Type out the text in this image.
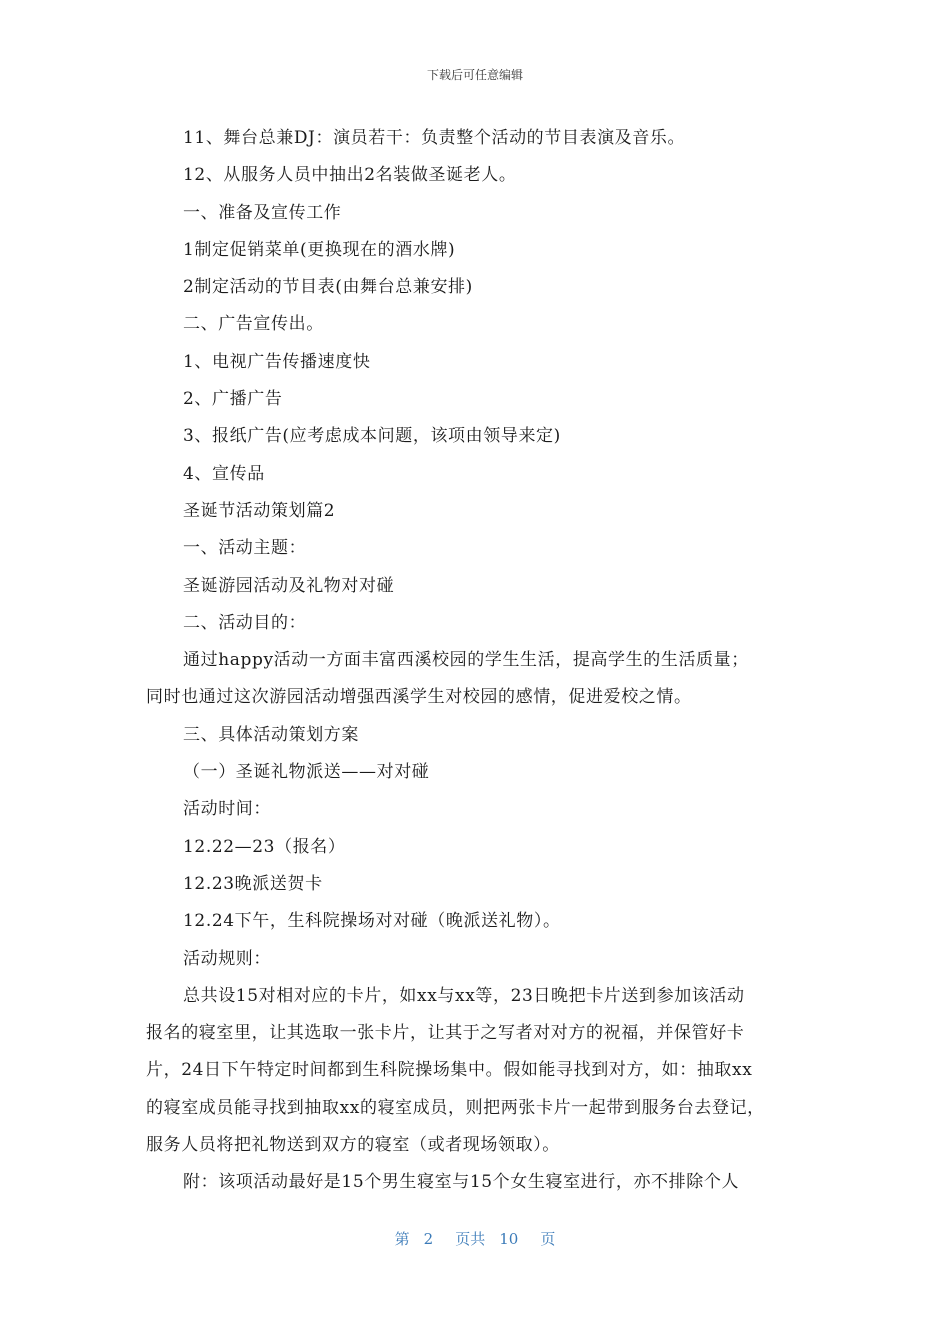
下载后可任意编辑
11、舞台总兼DJ：演员若干：负责整个活动的节目表演及音乐。
12、从服务人员中抽出2名装做圣诞老人。
一、准备及宣传工作
1制定促销菜单(更换现在的酒水牌)
2制定活动的节目表(由舞台总兼安排)
二、广告宣传出。
1、电视广告传播速度快
2、广播广告
3、报纸广告(应考虑成本问题，该项由领导来定)
4、宣传品
圣诞节活动策划篇2
一、活动主题：
圣诞游园活动及礼物对对碰
二、活动目的：
通过happy活动一方面丰富西溪校园的学生生活，提高学生的生活质量；
同时也通过这次游园活动增强西溪学生对校园的感情，促进爱校之情。
三、具体活动策划方案
（一）圣诞礼物派送——对对碰
活动时间：
12.22—23（报名）
12.23晚派送贺卡
12.24下午，生科院操场对对碰（晚派送礼物）。
活动规则：
总共设15对相对应的卡片，如xx与xx等，23日晚把卡片送到参加该活动
报名的寝室里，让其选取一张卡片，让其于之写者对对方的祝福，并保管好卡
片，24日下午特定时间都到生科院操场集中。假如能寻找到对方，如：抽取xx
的寝室成员能寻找到抽取xx的寝室成员，则把两张卡片一起带到服务台去登记，
服务人员将把礼物送到双方的寝室（或者现场领取）。
附：该项活动最好是15个男生寝室与15个女生寝室进行，亦不排除个人
第 2 页共 10 页
